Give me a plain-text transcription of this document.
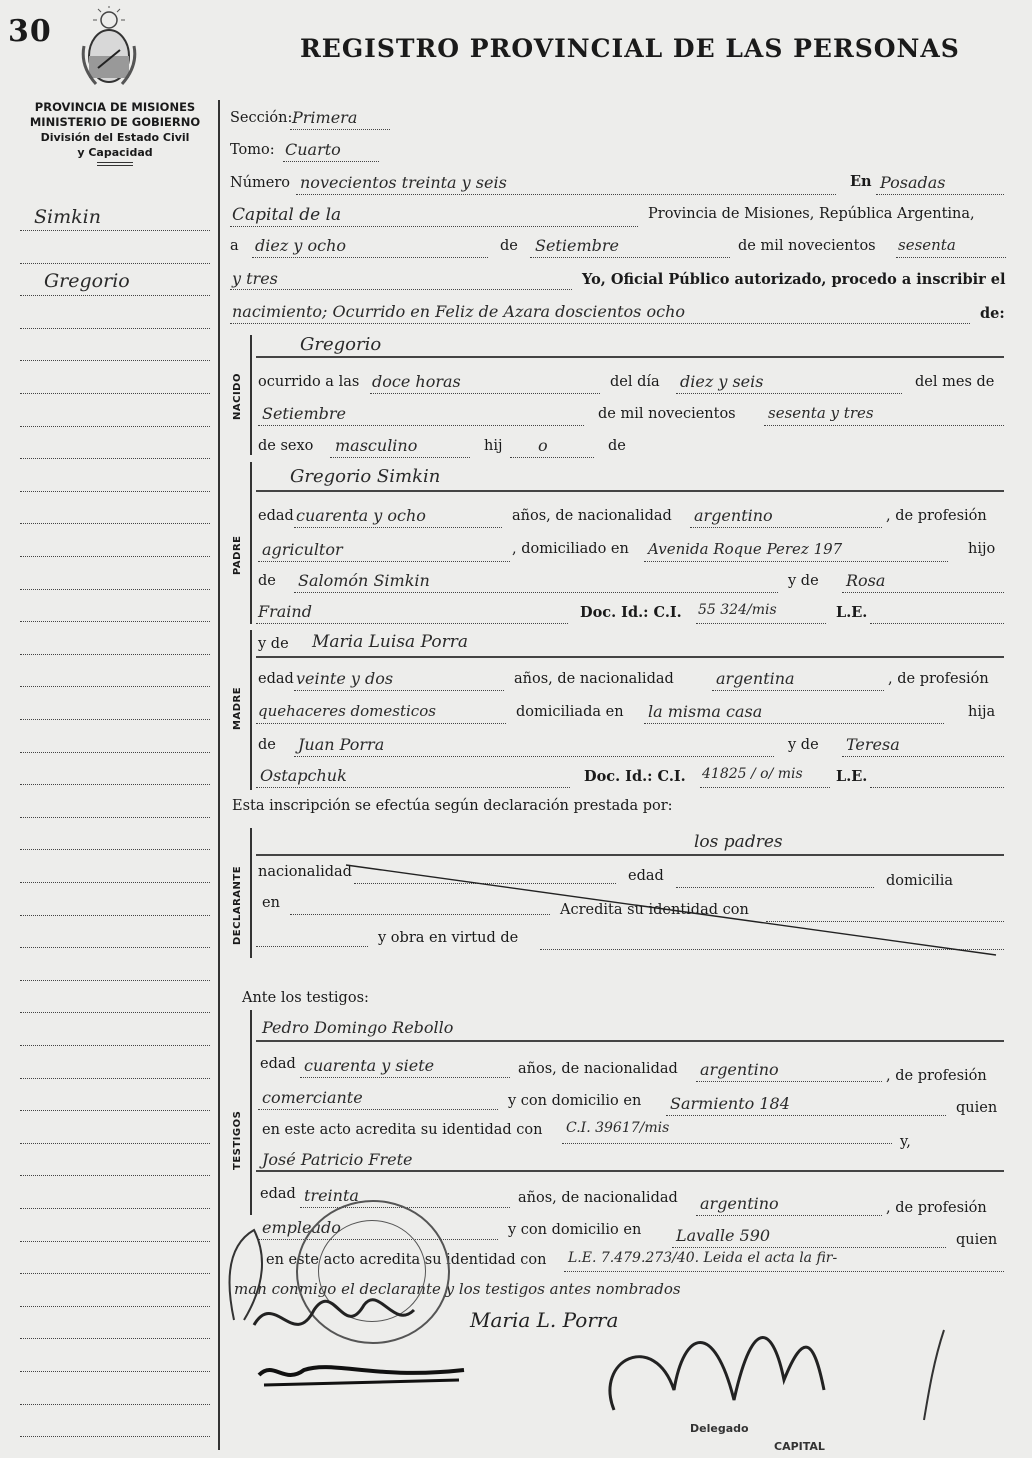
30	REGISTRO PROVINCIAL DE LAS PERSONAS
PROVINCIA DE MISIONES
MINISTERIO DE GOBIERNO
División del Estado Civil
y Capacidad
Simkin
Gregorio
Sección: Primera
Tomo: Cuarto
Número novecientos treinta y seis	En Posadas
Capital de la	Provincia de Misiones, República Argentina,
a diez y ocho	de Setiembre	de mil novecientos sesenta
y tres	Yo, Oficial Público autorizado, procedo a inscribir el
nacimiento; Ocurrido en Feliz de Azara doscientos ocho	de:
NACIDO
Gregorio
ocurrido a las doce horas	del día diez y seis	del mes de
Setiembre	de mil novecientos sesenta y tres
de sexo masculino	hij o	de
PADRE
Gregorio Simkin
edad cuarenta y ocho	años, de nacionalidad argentino	, de profesión
agricultor	, domiciliado en Avenida Roque Perez 197	hijo
de Salomón Simkin	y de Rosa
Fraind	Doc. Id.: C.I. 55 324/mis	L.E.
MADRE
y de Maria Luisa Porra
edad veinte y dos	años, de nacionalidad	argentina	, de profesión
quehaceres domesticos	domiciliada en la misma casa	hija
de Juan Porra	y de Teresa
Ostapchuk	Doc. Id.: C.I. 41825 / o/ mis L.E.
Esta inscripción se efectúa según declaración prestada por:
DECLARANTE
los padres
nacionalidad	edad	domicilia
en	Acredita su identidad con
y obra en virtud de
Ante los testigos:
TESTIGOS
Pedro Domingo Rebollo
edad cuarenta y siete	años, de nacionalidad argentino	, de profesión
comerciante	y con domicilio en Sarmiento 184	quien
en este acto acredita su identidad con C.I. 39617/mis
y,
José Patricio Frete
edad treinta	años, de nacionalidad argentino	, de profesión
empleado	y con domicilio en Lavalle 590	quien
en este acto acredita su identidad con L.E. 7.479.273/40. Leida el acta la fir-
man conmigo el declarante y los testigos antes nombrados
Maria L. Porra
Delegado
CAPITAL
